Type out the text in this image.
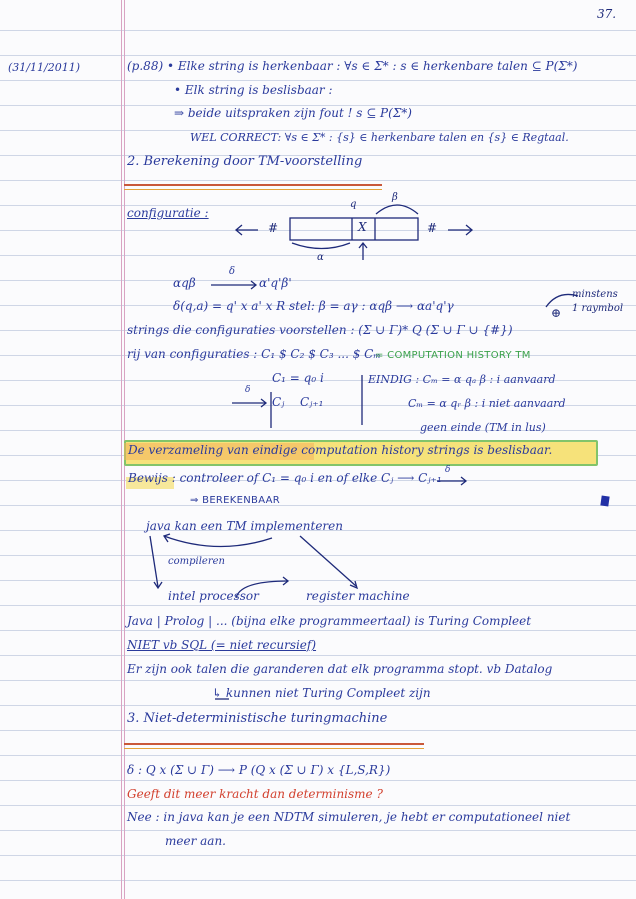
37.
(31/11/2011)	(p.88) • Elke string is herkenbaar : ∀s ∈ Σ* : s ∈ herkenbare talen ⊆ P(Σ*)
• Elk string is beslisbaar :
⇒ beide uitspraken zijn fout ! s ⊆ P(Σ*)
WEL CORRECT: ∀s ∈ Σ* : {s} ∈ herkenbare talen en {s} ∈ Regtaal.
2. Berekening door TM-voorstelling
configuratie :
#	X	#
q
β
α
αqβ
δ
α'q'β'
δ(q,a) = q' x a' x R stel: β = aγ : αqβ ⟶ αa'q'γ	⊕
minstens
1 raymbol
strings die configuraties voorstellen : (Σ ∪ Γ)* Q (Σ ∪ Γ ∪ {#})
rij van configuraties : C₁ $ C₂ $ C₃ ... $ Cₘ
= COMPUTATION HISTORY TM
C₁ = q₀ i
Cⱼ
δ
Cⱼ₊₁
EINDIG : Cₘ = α qₐ β : i aanvaard
Cₘ = α qᵣ β : i niet aanvaard
geen einde (TM in lus)
De verzameling van eindige computation history strings is beslisbaar.
Bewijs : controleer of C₁ = q₀ i en of elke Cⱼ ⟶ Cⱼ₊₁
δ
⇒ BEREKENBAAR
java kan een TM implementeren
compileren
intel processor	register machine
Java | Prolog | ... (bijna elke programmeertaal) is Turing Compleet
NIET vb SQL (= niet recursief)
Er zijn ook talen die garanderen dat elk programma stopt. vb Datalog
↳ kunnen niet Turing Compleet zijn
3. Niet-deterministische turingmachine
δ : Q x (Σ ∪ Γ) ⟶ P (Q x (Σ ∪ Γ) x {L,S,R})
Geeft dit meer kracht dan determinisme ?
Nee : in java kan je een NDTM simuleren, je hebt er computationeel niet
meer aan.
